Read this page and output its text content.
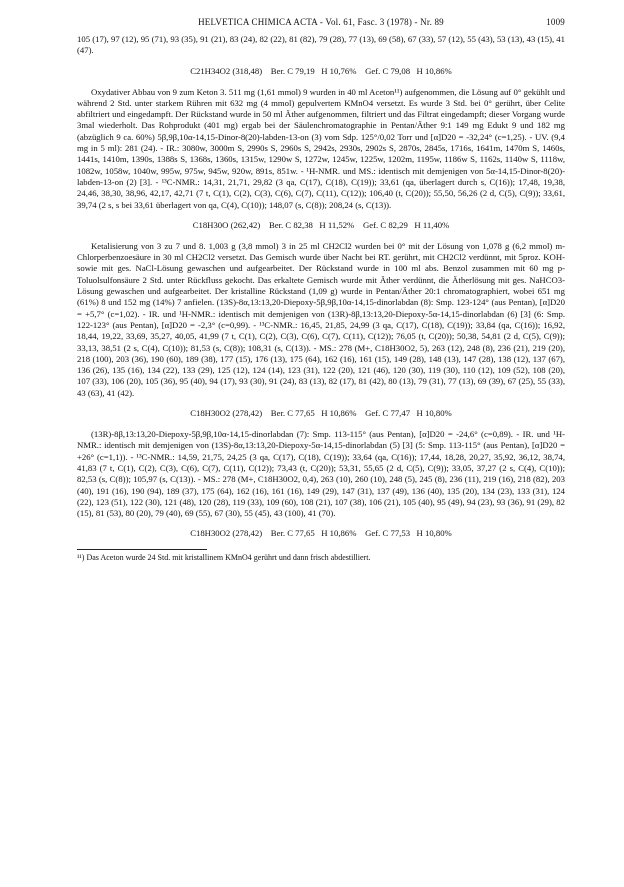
HELVETICA CHIMICA ACTA - Vol. 61, Fasc. 3 (1978) - Nr. 89	1009

105 (17), 97 (12), 95 (71), 93 (35), 91 (21), 83 (24), 82 (22), 81 (82), 79 (28), 77 (13), 69 (58), 67 (33), 57 (12), 55 (43), 53 (13), 43 (15), 41 (47).

C21H34O2 (318,48)    Ber. C 79,19   H 10,76%    Gef. C 79,08   H 10,86%

Oxydativer Abbau von 9 zum Keton 3. 511 mg (1,61 mmol) 9 wurden in 40 ml Aceton¹¹) aufgenommen, die Lösung auf 0° gekühlt und während 2 Std. unter starkem Rühren mit 632 mg (4 mmol) gepulvertem KMnO4 versetzt. Es wurde 3 Std. bei 0° gerührt, über Celite abfiltriert und eingedampft. Der Rückstand wurde in 50 ml Äther aufgenommen, filtriert und das Filtrat eingedampft; dieser Vorgang wurde 3mal wiederholt. Das Rohprodukt (401 mg) ergab bei der Säulenchromatographie in Pentan/Äther 9:1 149 mg Edukt 9 und 182 mg (abzüglich 9 ca. 60%) 5β,9β,10α-14,15-Dinor-8(20)-labden-13-on (3) vom Sdp. 125°/0,02 Torr und [α]D20 = -32,24° (c=1,25). - UV. (9,4 mg in 5 ml): 281 (24). - IR.: 3080w, 3000m S, 2990s S, 2960s S, 2942s, 2930s, 2902s S, 2870s, 2845s, 1716s, 1641m, 1470m S, 1460s, 1441s, 1410m, 1390s, 1388s S, 1368s, 1360s, 1315w, 1290w S, 1272w, 1245w, 1225w, 1202m, 1195w, 1186w S, 1162s, 1140w S, 1118w, 1082w, 1058w, 1040w, 995w, 975w, 945w, 920w, 891s, 851w. - ¹H-NMR. und MS.: identisch mit demjenigen von 5α-14,15-Dinor-8(20)-labden-13-on (2) [3]. - ¹³C-NMR.: 14,31, 21,71, 29,82 (3 qa, C(17), C(18), C(19)); 33,61 (qa, überlagert durch s, C(16)); 17,48, 19,38, 24,46, 38,30, 38,96, 42,17, 42,71 (7 t, C(1), C(2), C(3), C(6), C(7), C(11), C(12)); 106,40 (t, C(20)); 55,50, 56,26 (2 d, C(5), C(9)); 33,61, 39,74 (2 s, s bei 33,61 überlagert von qa, C(4), C(10)); 148,07 (s, C(8)); 208,24 (s, C(13)).

C18H30O (262,42)    Ber. C 82,38   H 11,52%    Gef. C 82,29   H 11,40%

Ketalisierung von 3 zu 7 und 8. 1,003 g (3,8 mmol) 3 in 25 ml CH2Cl2 wurden bei 0° mit der Lösung von 1,078 g (6,2 mmol) m-Chlorperbenzoesäure in 30 ml CH2Cl2 versetzt. Das Gemisch wurde über Nacht bei RT. gerührt, mit CH2Cl2 verdünnt, mit 5proz. KOH- sowie mit ges. NaCl-Lösung gewaschen und aufgearbeitet. Der Rückstand wurde in 100 ml abs. Benzol zusammen mit 60 mg p-Toluolsulfonsäure 2 Std. unter Rückfluss gekocht. Das erkaltete Gemisch wurde mit Äther verdünnt, die Ätherlösung mit ges. NaHCO3-Lösung gewaschen und aufgearbeitet. Der kristalline Rückstand (1,09 g) wurde in Pentan/Äther 20:1 chromatographiert, wobei 651 mg (61%) 8 und 152 mg (14%) 7 anfielen. (13S)-8α,13:13,20-Diepoxy-5β,9β,10α-14,15-dinorlabdan (8): Smp. 123-124° (aus Pentan), [α]D20 = +5,7° (c=1,02). - IR. und ¹H-NMR.: identisch mit demjenigen von (13R)-8β,13:13,20-Diepoxy-5α-14,15-dinorlabdan (6) [3] (6: Smp. 122-123° (aus Pentan), [α]D20 = -2,3° (c=0,99). - ¹³C-NMR.: 16,45, 21,85, 24,99 (3 qa, C(17), C(18), C(19)); 33,84 (qa, C(16)); 16,92, 18,44, 19,22, 33,69, 35,27, 40,05, 41,99 (7 t, C(1), C(2), C(3), C(6), C(7), C(11), C(12)); 76,05 (t, C(20)); 50,38, 54,81 (2 d, C(5), C(9)); 33,13, 38,51 (2 s, C(4), C(10)); 81,53 (s, C(8)); 108,31 (s, C(13)). - MS.: 278 (M+, C18H30O2, 5), 263 (12), 248 (8), 236 (21), 219 (20), 218 (100), 203 (36), 190 (60), 189 (38), 177 (15), 176 (13), 175 (64), 162 (16), 161 (15), 149 (28), 148 (13), 147 (28), 138 (12), 137 (67), 136 (26), 135 (16), 134 (22), 133 (29), 125 (12), 124 (14), 123 (31), 122 (20), 121 (46), 120 (30), 119 (30), 110 (12), 109 (52), 108 (20), 107 (33), 106 (20), 105 (36), 95 (40), 94 (17), 93 (30), 91 (24), 83 (13), 82 (17), 81 (42), 80 (13), 79 (31), 77 (13), 69 (39), 67 (25), 55 (33), 43 (63), 41 (42).

C18H30O2 (278,42)    Ber. C 77,65   H 10,86%    Gef. C 77,47   H 10,80%

(13R)-8β,13:13,20-Diepoxy-5β,9β,10α-14,15-dinorlabdan (7): Smp. 113-115° (aus Pentan), [α]D20 = -24,6° (c=0,89). - IR. und ¹H-NMR.: identisch mit demjenigen von (13S)-8α,13:13,20-Diepoxy-5α-14,15-dinorlabdan (5) [3] (5: Smp. 113-115° (aus Pentan), [α]D20 = +26° (c=1,1)). - ¹³C-NMR.: 14,59, 21,75, 24,25 (3 qa, C(17), C(18), C(19)); 33,64 (qa, C(16)); 17,44, 18,28, 20,27, 35,92, 36,12, 38,74, 41,83 (7 t, C(1), C(2), C(3), C(6), C(7), C(11), C(12)); 73,43 (t, C(20)); 53,31, 55,65 (2 d, C(5), C(9)); 33,05, 37,27 (2 s, C(4), C(10)); 82,53 (s, C(8)); 105,97 (s, C(13)). - MS.: 278 (M+, C18H30O2, 0,4), 263 (10), 260 (10), 248 (5), 245 (8), 236 (11), 219 (16), 218 (82), 203 (40), 191 (16), 190 (94), 189 (37), 175 (64), 162 (16), 161 (16), 149 (29), 147 (31), 137 (49), 136 (40), 135 (20), 134 (23), 133 (31), 124 (22), 123 (51), 122 (30), 121 (48), 120 (28), 119 (33), 109 (60), 108 (21), 107 (38), 106 (21), 105 (40), 95 (49), 94 (23), 93 (36), 91 (29), 82 (15), 81 (53), 80 (20), 79 (40), 69 (55), 67 (30), 55 (45), 43 (100), 41 (70).

C18H30O2 (278,42)    Ber. C 77,65   H 10,86%    Gef. C 77,53   H 10,80%

¹¹) Das Aceton wurde 24 Std. mit kristallinem KMnO4 gerührt und dann frisch abdestilliert.
